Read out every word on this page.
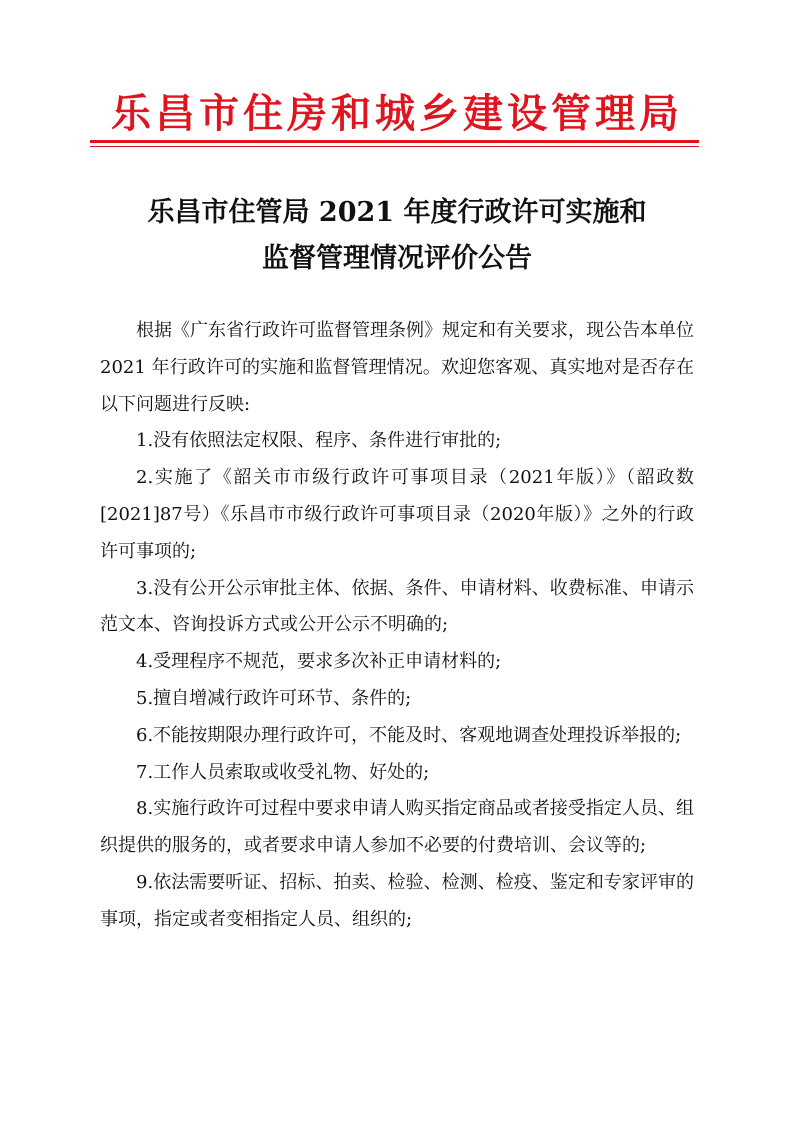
乐昌市住房和城乡建设管理局
乐昌市住管局 2021 年度行政许可实施和
监督管理情况评价公告

根据《广东省行政许可监督管理条例》规定和有关要求，现公告本单位 2021 年行政许可的实施和监督管理情况。欢迎您客观、真实地对是否存在以下问题进行反映:

1.没有依照法定权限、程序、条件进行审批的;

2.实施了《韶关市市级行政许可事项目录（2021年版）》（韶政数[2021]87号）《乐昌市市级行政许可事项目录（2020年版）》之外的行政许可事项的;

3.没有公开公示审批主体、依据、条件、申请材料、收费标准、申请示范文本、咨询投诉方式或公开公示不明确的;

4.受理程序不规范，要求多次补正申请材料的;

5.擅自增减行政许可环节、条件的;

6.不能按期限办理行政许可，不能及时、客观地调查处理投诉举报的;

7.工作人员索取或收受礼物、好处的;

8.实施行政许可过程中要求申请人购买指定商品或者接受指定人员、组织提供的服务的，或者要求申请人参加不必要的付费培训、会议等的;

9.依法需要听证、招标、拍卖、检验、检测、检疫、鉴定和专家评审的事项，指定或者变相指定人员、组织的;
